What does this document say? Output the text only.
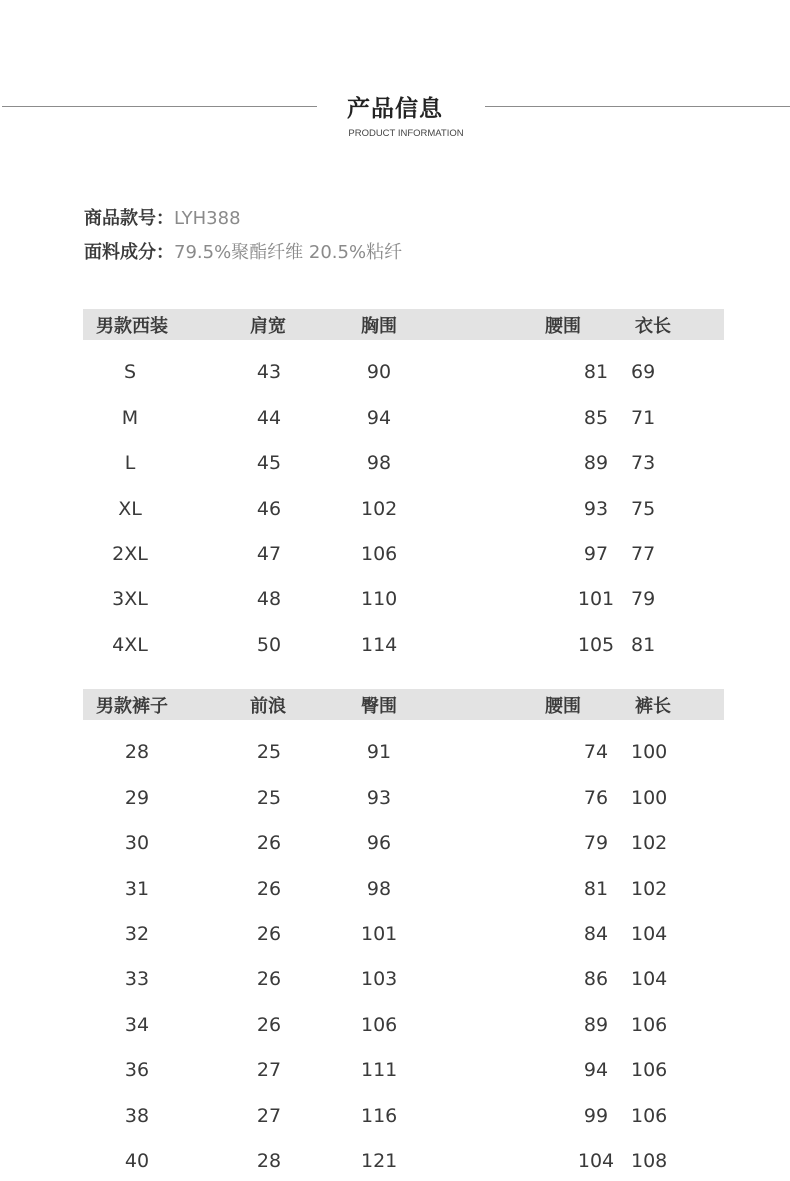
产品信息
PRODUCT INFORMATION
商品款号：LYH388
面料成分：79.5%聚酯纤维 20.5%粘纤
男款西装	肩宽	胸围	腰围	衣长
S	43	90	81	69
M	44	94	85	71
L	45	98	89	73
XL	46	102	93	75
2XL	47	106	97	77
3XL	48	110	101	79
4XL	50	114	105	81
男款裤子	前浪	臀围	腰围	裤长
28	25	91	74	100
29	25	93	76	100
30	26	96	79	102
31	26	98	81	102
32	26	101	84	104
33	26	103	86	104
34	26	106	89	106
36	27	111	94	106
38	27	116	99	106
40	28	121	104	108
